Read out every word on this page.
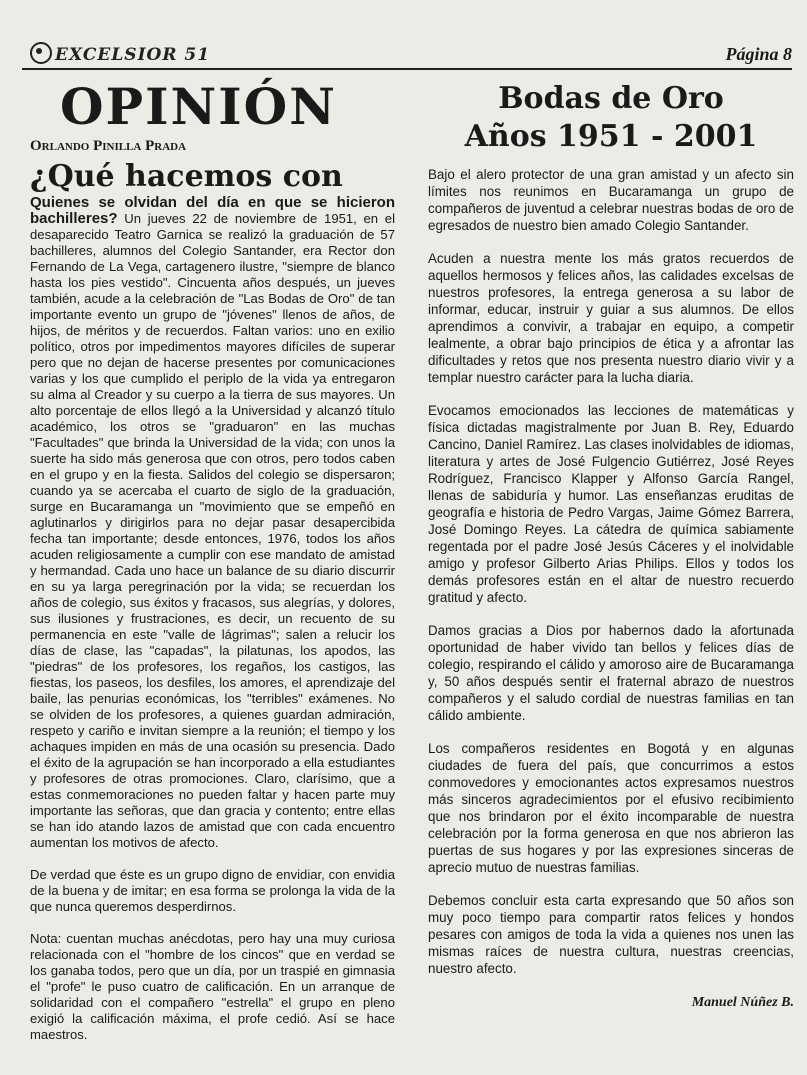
EXCELSIOR 51	Página 8
OPINIÓN
Orlando Pinilla Prada
¿Qué hacemos con

Quienes se olvidan del día en que se hicieron bachilleres? Un jueves 22 de noviembre de 1951, en el desaparecido Teatro Garnica se realizó la graduación de 57 bachilleres, alumnos del Colegio Santander, era Rector don Fernando de La Vega, cartagenero ilustre, "siempre de blanco hasta los pies vestido". Cincuenta años después, un jueves también, acude a la celebración de "Las Bodas de Oro" de tan importante evento un grupo de "jóvenes" llenos de años, de hijos, de méritos y de recuerdos. Faltan varios: uno en exilio político, otros por impedimentos mayores difíciles de superar pero que no dejan de hacerse presentes por comunicaciones varias y los que cumplido el periplo de la vida ya entregaron su alma al Creador y su cuerpo a la tierra de sus mayores. Un alto porcentaje de ellos llegó a la Universidad y alcanzó título académico, los otros se "graduaron" en las muchas "Facultades" que brinda la Universidad de la vida; con unos la suerte ha sido más generosa que con otros, pero todos caben en el grupo y en la fiesta. Salidos del colegio se dispersaron; cuando ya se acercaba el cuarto de siglo de la graduación, surge en Bucaramanga un "movimiento que se empeñó en aglutinarlos y dirigirlos para no dejar pasar desapercibida fecha tan importante; desde entonces, 1976, todos los años acuden religiosamente a cumplir con ese mandato de amistad y hermandad. Cada uno hace un balance de su diario discurrir en su ya larga peregrinación por la vida; se recuerdan los años de colegio, sus éxitos y fracasos, sus alegrías, y dolores, sus ilusiones y frustraciones, es decir, un recuento de su permanencia en este "valle de lágrimas"; salen a relucir los días de clase, las "capadas", la pilatunas, los apodos, las "piedras" de los profesores, los regaños, los castigos, las fiestas, los paseos, los desfiles, los amores, el aprendizaje del baile, las penurias económicas, los "terribles" exámenes. No se olviden de los profesores, a quienes guardan admiración, respeto y cariño e invitan siempre a la reunión; el tiempo y los achaques impiden en más de una ocasión su presencia. Dado el éxito de la agrupación se han incorporado a ella estudiantes y profesores de otras promociones. Claro, clarísimo, que a estas conmemoraciones no pueden faltar y hacen parte muy importante las señoras, que dan gracia y contento; entre ellas se han ido atando lazos de amistad que con cada encuentro aumentan los motivos de afecto.

De verdad que éste es un grupo digno de envidiar, con envidia de la buena y de imitar; en esa forma se prolonga la vida de la que nunca queremos desperdirnos.

Nota: cuentan muchas anécdotas, pero hay una muy curiosa relacionada con el "hombre de los cincos" que en verdad se los ganaba todos, pero que un día, por un traspié en gimnasia el "profe" le puso cuatro de calificación. En un arranque de solidaridad con el compañero "estrella" el grupo en pleno exigió la calificación máxima, el profe cedió. Así se hace maestros.

Bodas de Oro
Años 1951 - 2001

Bajo el alero protector de una gran amistad y un afecto sin límites nos reunimos en Bucaramanga un grupo de compañeros de juventud a celebrar nuestras bodas de oro de egresados de nuestro bien amado Colegio Santander.

Acuden a nuestra mente los más gratos recuerdos de aquellos hermosos y felices años, las calidades excelsas de nuestros profesores, la entrega generosa a su labor de informar, educar, instruir y guiar a sus alumnos. De ellos aprendimos a convivir, a trabajar en equipo, a competir lealmente, a obrar bajo principios de ética y a afrontar las dificultades y retos que nos presenta nuestro diario vivir y a templar nuestro carácter para la lucha diaria.

Evocamos emocionados las lecciones de matemáticas y física dictadas magistralmente por Juan B. Rey, Eduardo Cancino, Daniel Ramírez. Las clases inolvidables de idiomas, literatura y artes de José Fulgencio Gutiérrez, José Reyes Rodríguez, Francisco Klapper y Alfonso García Rangel, llenas de sabiduría y humor. Las enseñanzas eruditas de geografía e historia de Pedro Vargas, Jaime Gómez Barrera, José Domingo Reyes. La cátedra de química sabiamente regentada por el padre José Jesús Cáceres y el inolvidable amigo y profesor Gilberto Arias Philips. Ellos y todos los demás profesores están en el altar de nuestro recuerdo gratitud y afecto.

Damos gracias a Dios por habernos dado la afortunada oportunidad de haber vivido tan bellos y felices días de colegio, respirando el cálido y amoroso aire de Bucaramanga y, 50 años después sentir el fraternal abrazo de nuestros compañeros y el saludo cordial de nuestras familias en tan cálido ambiente.

Los compañeros residentes en Bogotá y en algunas ciudades de fuera del país, que concurrimos a estos conmovedores y emocionantes actos expresamos nuestros más sinceros agradecimientos por el efusivo recibimiento que nos brindaron por el éxito incomparable de nuestra celebración por la forma generosa en que nos abrieron las puertas de sus hogares y por las expresiones sinceras de aprecio mutuo de nuestras familias.

Debemos concluir esta carta expresando que 50 años son muy poco tiempo para compartir ratos felices y hondos pesares con amigos de toda la vida a quienes nos unen las mismas raíces de nuestra cultura, nuestras creencias, nuestro afecto.

Manuel Núñez B.
